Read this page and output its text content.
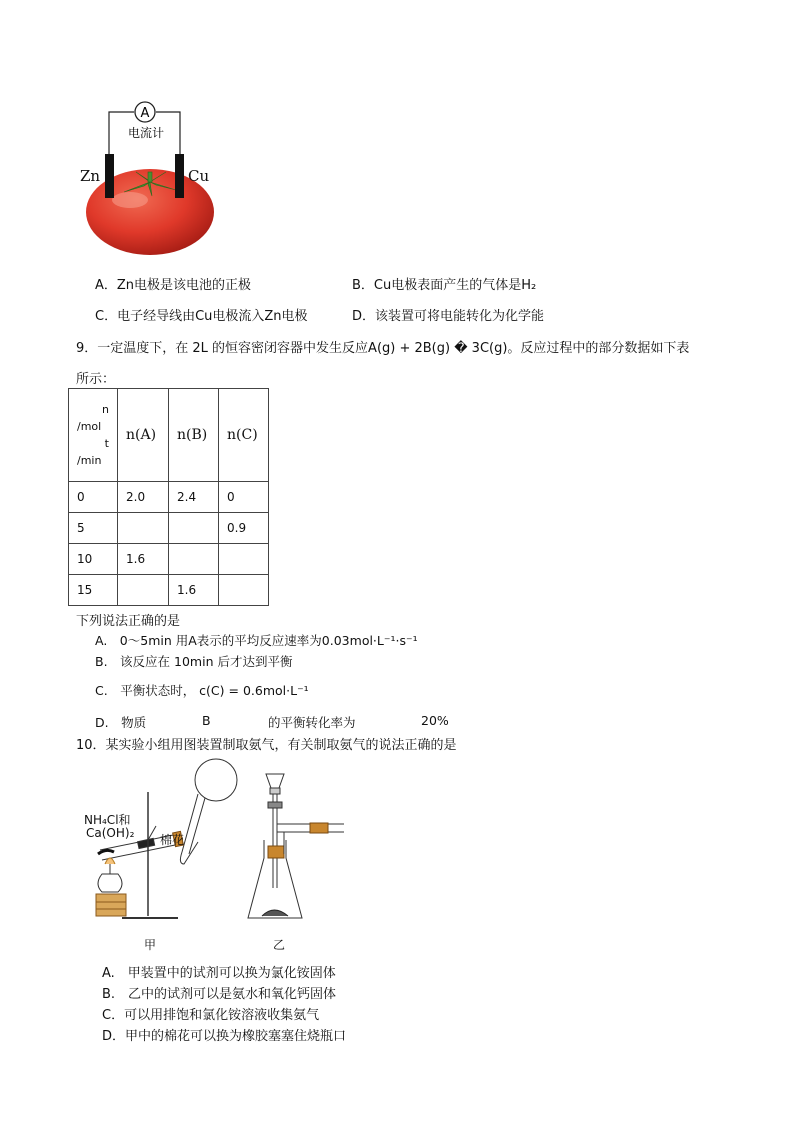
A
电流计
Zn	Cu
A．Zn电极是该电池的正极	B．Cu电极表面产生的气体是H₂
C．电子经导线由Cu电极流入Zn电极	D．该装置可将电能转化为化学能
9．一定温度下，在 2L 的恒容密闭容器中发生反应A(g) + 2B(g) � 3C(g)。反应过程中的部分数据如下表
所示：
n
/mol
t
/min	n(A)	n(B)	n(C)
0	2.0	2.4	0
5			0.9
10	1.6		
15		1.6	
下列说法正确的是
A.　0～5min 用A表示的平均反应速率为0.03mol·L⁻¹·s⁻¹
B.　该反应在 10min 后才达到平衡
C.　平衡状态时， c(C) = 0.6mol·L⁻¹
D.　物质	B	的平衡转化率为	20%
10．某实验小组用图装置制取氨气，有关制取氨气的说法正确的是
NH₄Cl和
Ca(OH)₂ 棉花
甲	乙
A.　甲装置中的试剂可以换为氯化铵固体
B.　乙中的试剂可以是氨水和氧化钙固体
C．可以用排饱和氯化铵溶液收集氨气
D．甲中的棉花可以换为橡胶塞塞住烧瓶口
